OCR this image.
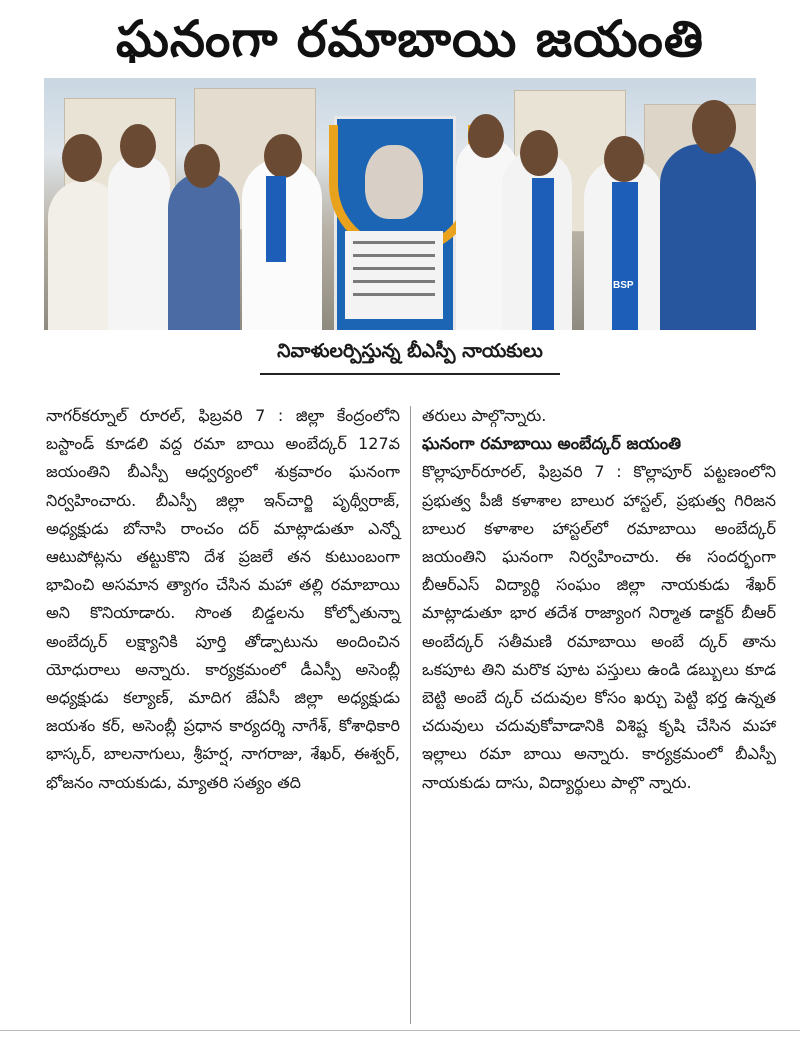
ఘనంగా రమాబాయి జయంతి
BSP
నివాళులర్పిస్తున్న బీఎస్పీ నాయకులు

నాగర్‌కర్నూల్ రూరల్, ఫిబ్రవరి 7 : జిల్లా కేంద్రంలోని బస్టాండ్ కూడలి వద్ద రమా బాయి అంబేద్కర్ 127వ జయంతిని బీఎస్పీ ఆధ్వర్యంలో శుక్రవారం ఘనంగా నిర్వహించారు. బీఎస్పీ జిల్లా ఇన్‌చార్జి పృథ్వీరాజ్, అధ్యక్షుడు బోనాసి రాంచం దర్ మాట్లాడుతూ ఎన్నో ఆటుపోట్లను తట్టుకొని దేశ ప్రజలే తన కుటుంబంగా భావించి అసమాన త్యాగం చేసిన మహా తల్లి రమాబాయి అని కొనియాడారు. సొంత బిడ్డలను కోల్పోతున్నా అంబేద్కర్ లక్ష్యానికి పూర్తి తోడ్పాటును అందించిన యోధురాలు అన్నారు. కార్యక్రమంలో డీఎస్పీ అసెంబ్లీ అధ్యక్షుడు కల్యాణ్, మాదిగ జేఏసీ జిల్లా అధ్యక్షుడు జయశం కర్, అసెంబ్లీ ప్రధాన కార్యదర్శి నాగేశ్, కోశాధికారి భాస్కర్, బాలనాగులు, శ్రీహర్ష, నాగరాజు, శేఖర్, ఈశ్వర్, భోజనం నాయకుడు, మ్యాతరి సత్యం తది

తరులు పాల్గొన్నారు.

ఘనంగా రమాబాయి అంబేద్కర్ జయంతి

కొల్లాపూర్‌రూరల్, ఫిబ్రవరి 7 : కొల్లాపూర్ పట్టణంలోని ప్రభుత్వ పీజీ కళాశాల బాలుర హాస్టల్, ప్రభుత్వ గిరిజన బాలుర కళాశాల హాస్టల్‌లో రమాబాయి అంబేద్కర్ జయంతిని ఘనంగా నిర్వహించారు. ఈ సందర్భంగా బీఆర్ఎస్ విద్యార్థి సంఘం జిల్లా నాయకుడు శేఖర్ మాట్లాడుతూ భార తదేశ రాజ్యాంగ నిర్మాత డాక్టర్ బీఆర్ అంబేద్కర్ సతీమణి రమాబాయి అంబే ద్కర్ తాను ఒకపూట తిని మరొక పూట పస్తులు ఉండి డబ్బులు కూడ బెట్టి అంబే ద్కర్ చదువుల కోసం ఖర్చు పెట్టి భర్త ఉన్నత చదువులు చదువుకోవాడానికి విశిష్ట కృషి చేసిన మహా ఇల్లాలు రమా బాయి అన్నారు. కార్యక్రమంలో బీఎస్పీ నాయకుడు దాసు, విద్యార్థులు పాల్గొ న్నారు.
